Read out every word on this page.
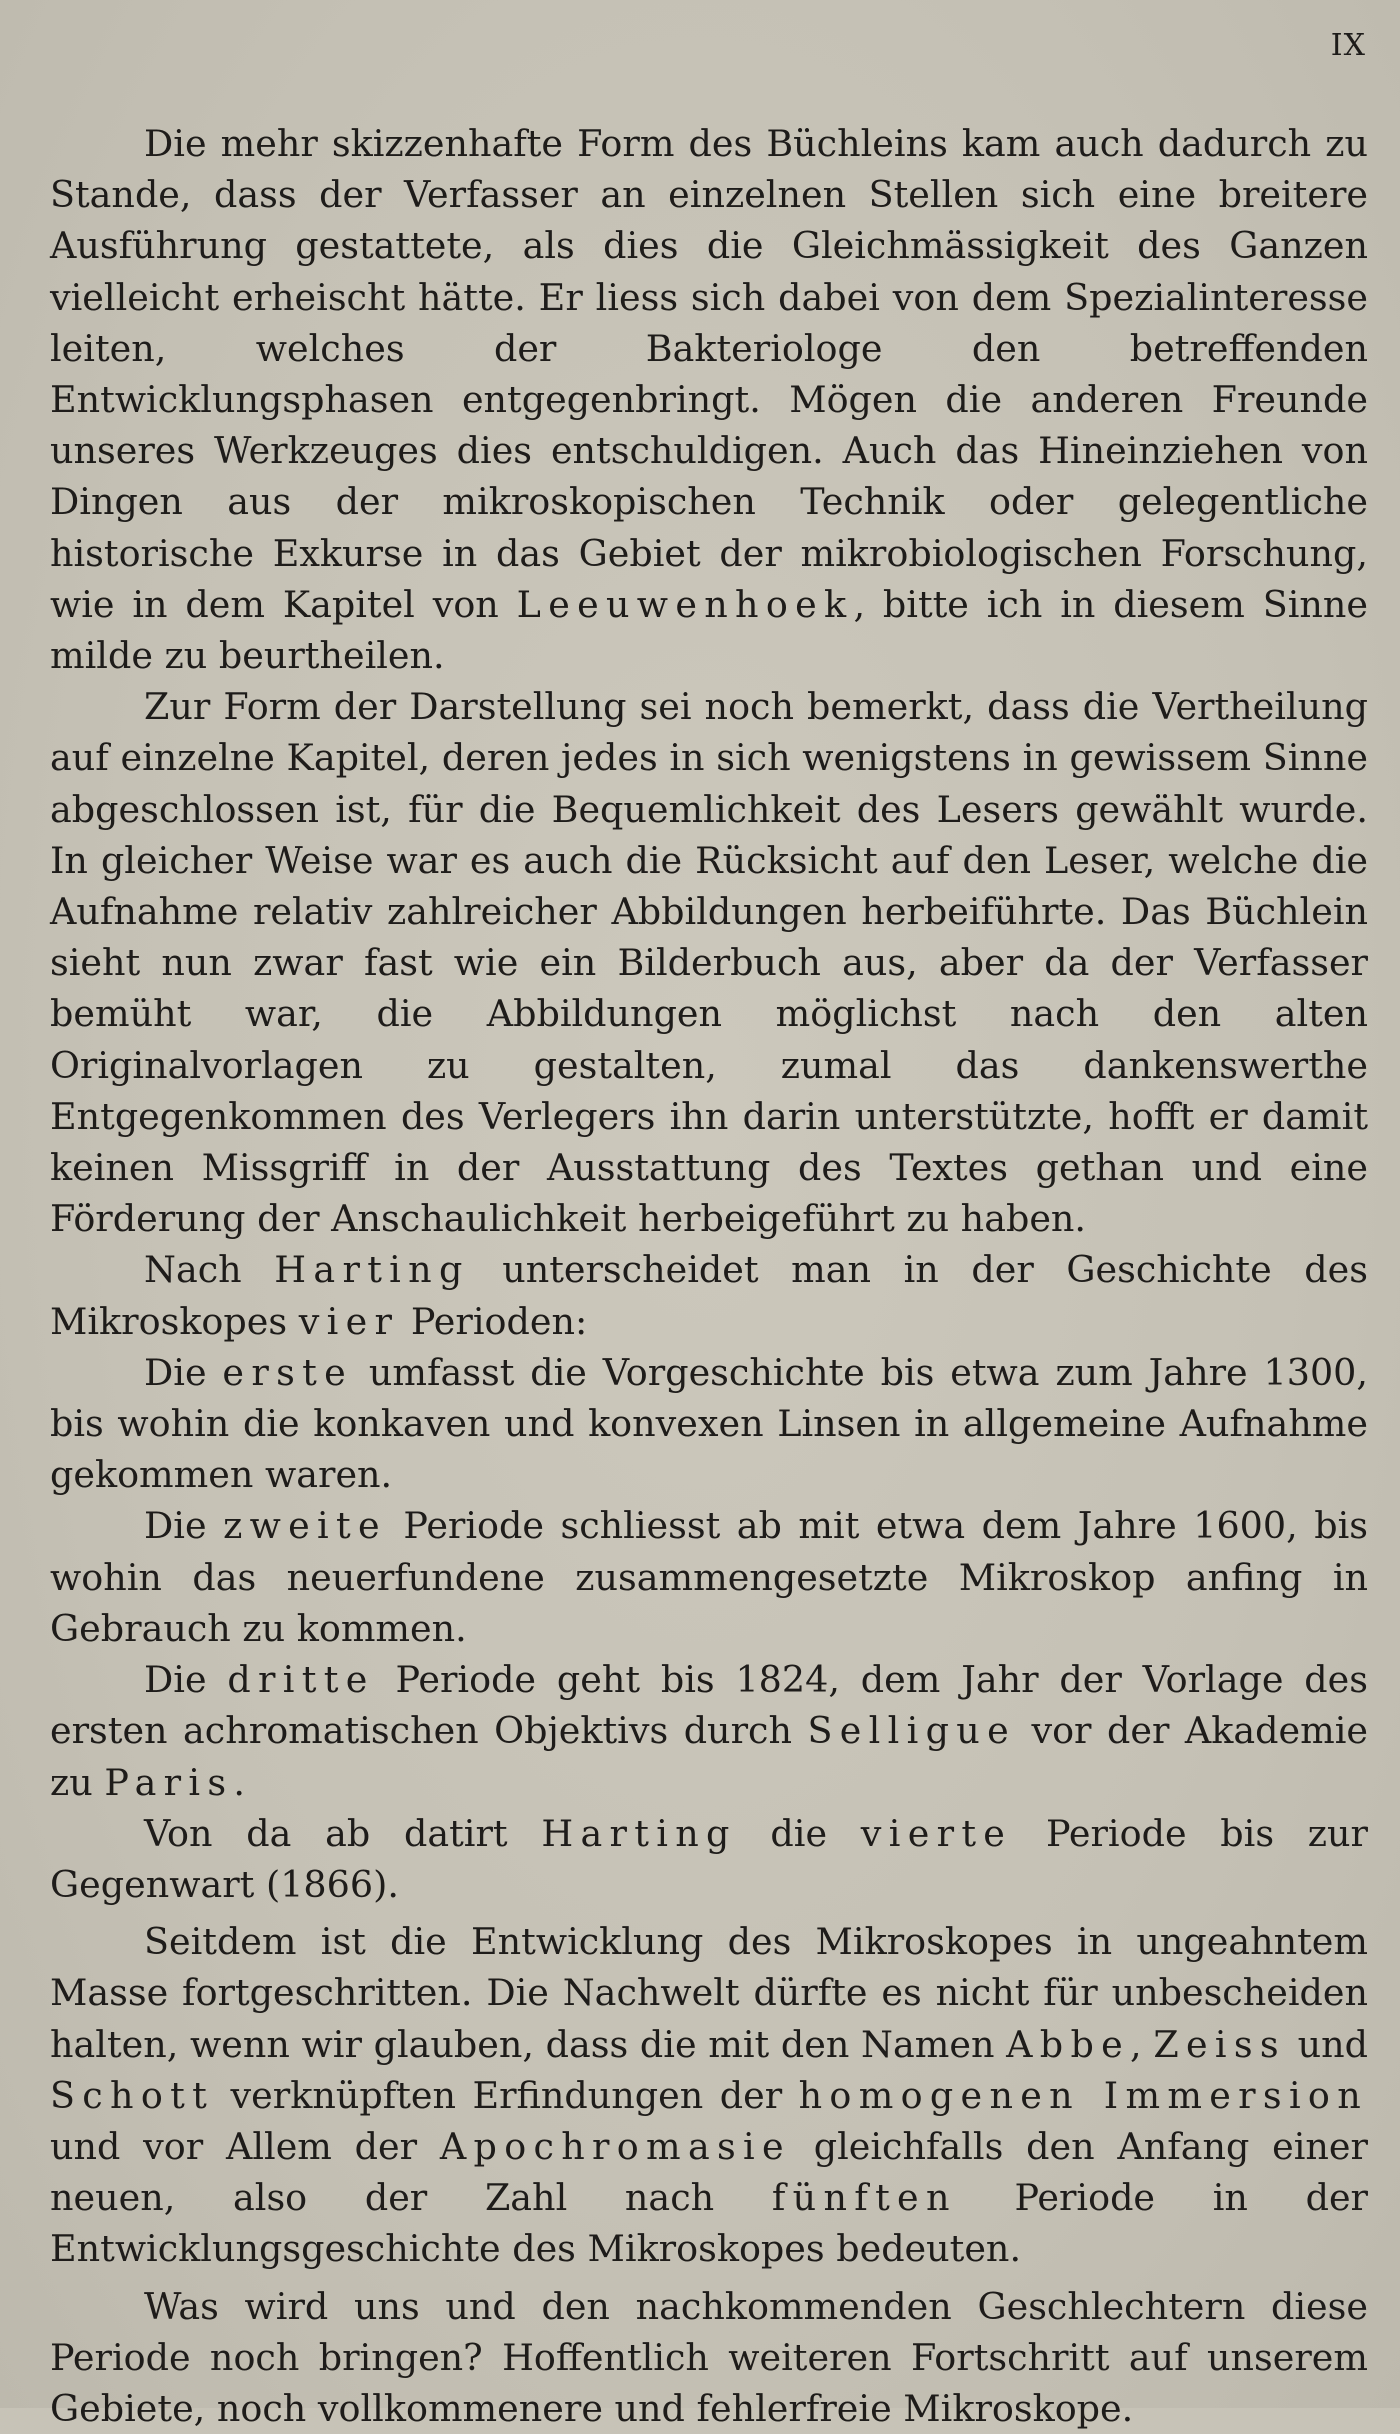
IX

Die mehr skizzenhafte Form des Büchleins kam auch dadurch zu Stande, dass der Verfasser an einzelnen Stellen sich eine breitere Ausführung gestattete, als dies die Gleichmässigkeit des Ganzen vielleicht erheischt hätte. Er liess sich dabei von dem Spezialinteresse leiten, welches der Bakteriologe den betreffenden Entwicklungsphasen entgegenbringt. Mögen die anderen Freunde unseres Werkzeuges dies entschuldigen. Auch das Hineinziehen von Dingen aus der mikroskopischen Technik oder gelegentliche historische Exkurse in das Gebiet der mikrobiologischen Forschung, wie in dem Kapitel von Leeuwenhoek, bitte ich in diesem Sinne milde zu beurtheilen.

Zur Form der Darstellung sei noch bemerkt, dass die Vertheilung auf einzelne Kapitel, deren jedes in sich wenigstens in gewissem Sinne abgeschlossen ist, für die Bequemlichkeit des Lesers gewählt wurde. In gleicher Weise war es auch die Rücksicht auf den Leser, welche die Aufnahme relativ zahlreicher Abbildungen herbeiführte. Das Büchlein sieht nun zwar fast wie ein Bilderbuch aus, aber da der Verfasser bemüht war, die Abbildungen möglichst nach den alten Originalvorlagen zu gestalten, zumal das dankenswerthe Entgegenkommen des Verlegers ihn darin unterstützte, hofft er damit keinen Missgriff in der Ausstattung des Textes gethan und eine Förderung der Anschaulichkeit herbeigeführt zu haben.

Nach Harting unterscheidet man in der Geschichte des Mikroskopes vier Perioden:

Die erste umfasst die Vorgeschichte bis etwa zum Jahre 1300, bis wohin die konkaven und konvexen Linsen in allgemeine Aufnahme gekommen waren.

Die zweite Periode schliesst ab mit etwa dem Jahre 1600, bis wohin das neuerfundene zusammengesetzte Mikroskop anfing in Gebrauch zu kommen.

Die dritte Periode geht bis 1824, dem Jahr der Vorlage des ersten achromatischen Objektivs durch Selligue vor der Akademie zu Paris.

Von da ab datirt Harting die vierte Periode bis zur Gegenwart (1866).

Seitdem ist die Entwicklung des Mikroskopes in ungeahntem Masse fortgeschritten. Die Nachwelt dürfte es nicht für unbescheiden halten, wenn wir glauben, dass die mit den Namen Abbe, Zeiss und Schott verknüpften Erfindungen der homogenen Immersion und vor Allem der Apochromasie gleichfalls den Anfang einer neuen, also der Zahl nach fünften Periode in der Entwicklungsgeschichte des Mikroskopes bedeuten.

Was wird uns und den nachkommenden Geschlechtern diese Periode noch bringen? Hoffentlich weiteren Fortschritt auf unserem Gebiete, noch vollkommenere und fehlerfreie Mikroskope.
